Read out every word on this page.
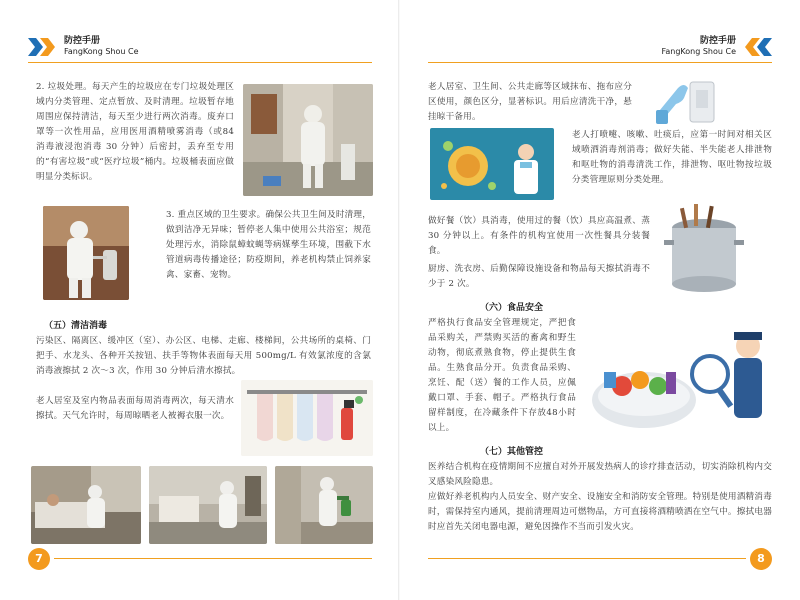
防控手册
FangKong Shou Ce

2. 垃圾处理。每天产生的垃圾应在专门垃圾处理区域内分类管理、定点暂放、及时清理。垃圾暂存地周围应保持清洁，每天至少进行两次消毒。废弃口罩等一次性用品，应用医用酒精喷雾消毒（或84 消毒液浸泡消毒 30 分钟）后密封，丢弃至专用的“有害垃圾”或“医疗垃圾”桶内。垃圾桶表面应做明显分类标识。

3. 重点区域的卫生要求。确保公共卫生间及时清理，做到洁净无异味；暂停老人集中使用公共浴室；规范处理污水，消除鼠蟑蚊蝇等病媒孳生环境，围截下水管道病毒传播途径；防疫期间，养老机构禁止饲养家禽、家畜、宠物。

（五）清洁消毒

污染区、隔离区、缓冲区（室）、办公区、电梯、走廊、楼梯间，公共场所的桌椅、门把手、水龙头、各种开关按钮、扶手等物体表面每天用 500mg/L 有效氯浓度的含氯消毒液擦拭 2 次～3 次，作用 30 分钟后清水擦拭。

老人居室及室内物品表面每周消毒两次，每天清水擦拭。天气允许时，每周晾晒老人被褥衣服一次。

7
防控手册
FangKong Shou Ce

老人居室、卫生间、公共走廊等区域抹布、拖布应分区使用，颜色区分，显著标识。用后应清洗干净，悬挂晾干备用。

老人打喷嚏、咳嗽、吐痰后，应第一时间对相关区域喷洒消毒剂消毒；做好失能、半失能老人排泄物和呕吐物的消毒清洗工作，排泄物、呕吐物按垃圾分类管理原则分类处理。

做好餐（饮）具消毒，使用过的餐（饮）具应高温煮、蒸 30 分钟以上。有条件的机构宜使用一次性餐具分装餐食。

厨房、洗衣房、后勤保障设施设备和物品每天擦拭消毒不少于 2 次。

（六）食品安全

严格执行食品安全管理规定，严把食品采购关，严禁购买活的畜禽和野生动物，彻底煮熟食物，停止提供生食品。生熟食品分开。负责食品采购、烹饪、配（送）餐的工作人员，应佩戴口罩、手套、帽子。严格执行食品留样制度，在冷藏条件下存放48小时以上。

（七）其他管控

医养结合机构在疫情期间不应擅自对外开展发热病人的诊疗排查活动，切实消除机构内交叉感染风险隐患。

应做好养老机构内人员安全、财产安全、设施安全和消防安全管理。特别是使用酒精消毒时，需保持室内通风，提前清理周边可燃物品，方可直接将酒精喷洒在空气中。擦拭电器时应首先关闭电器电源，避免因操作不当而引发火灾。

8
